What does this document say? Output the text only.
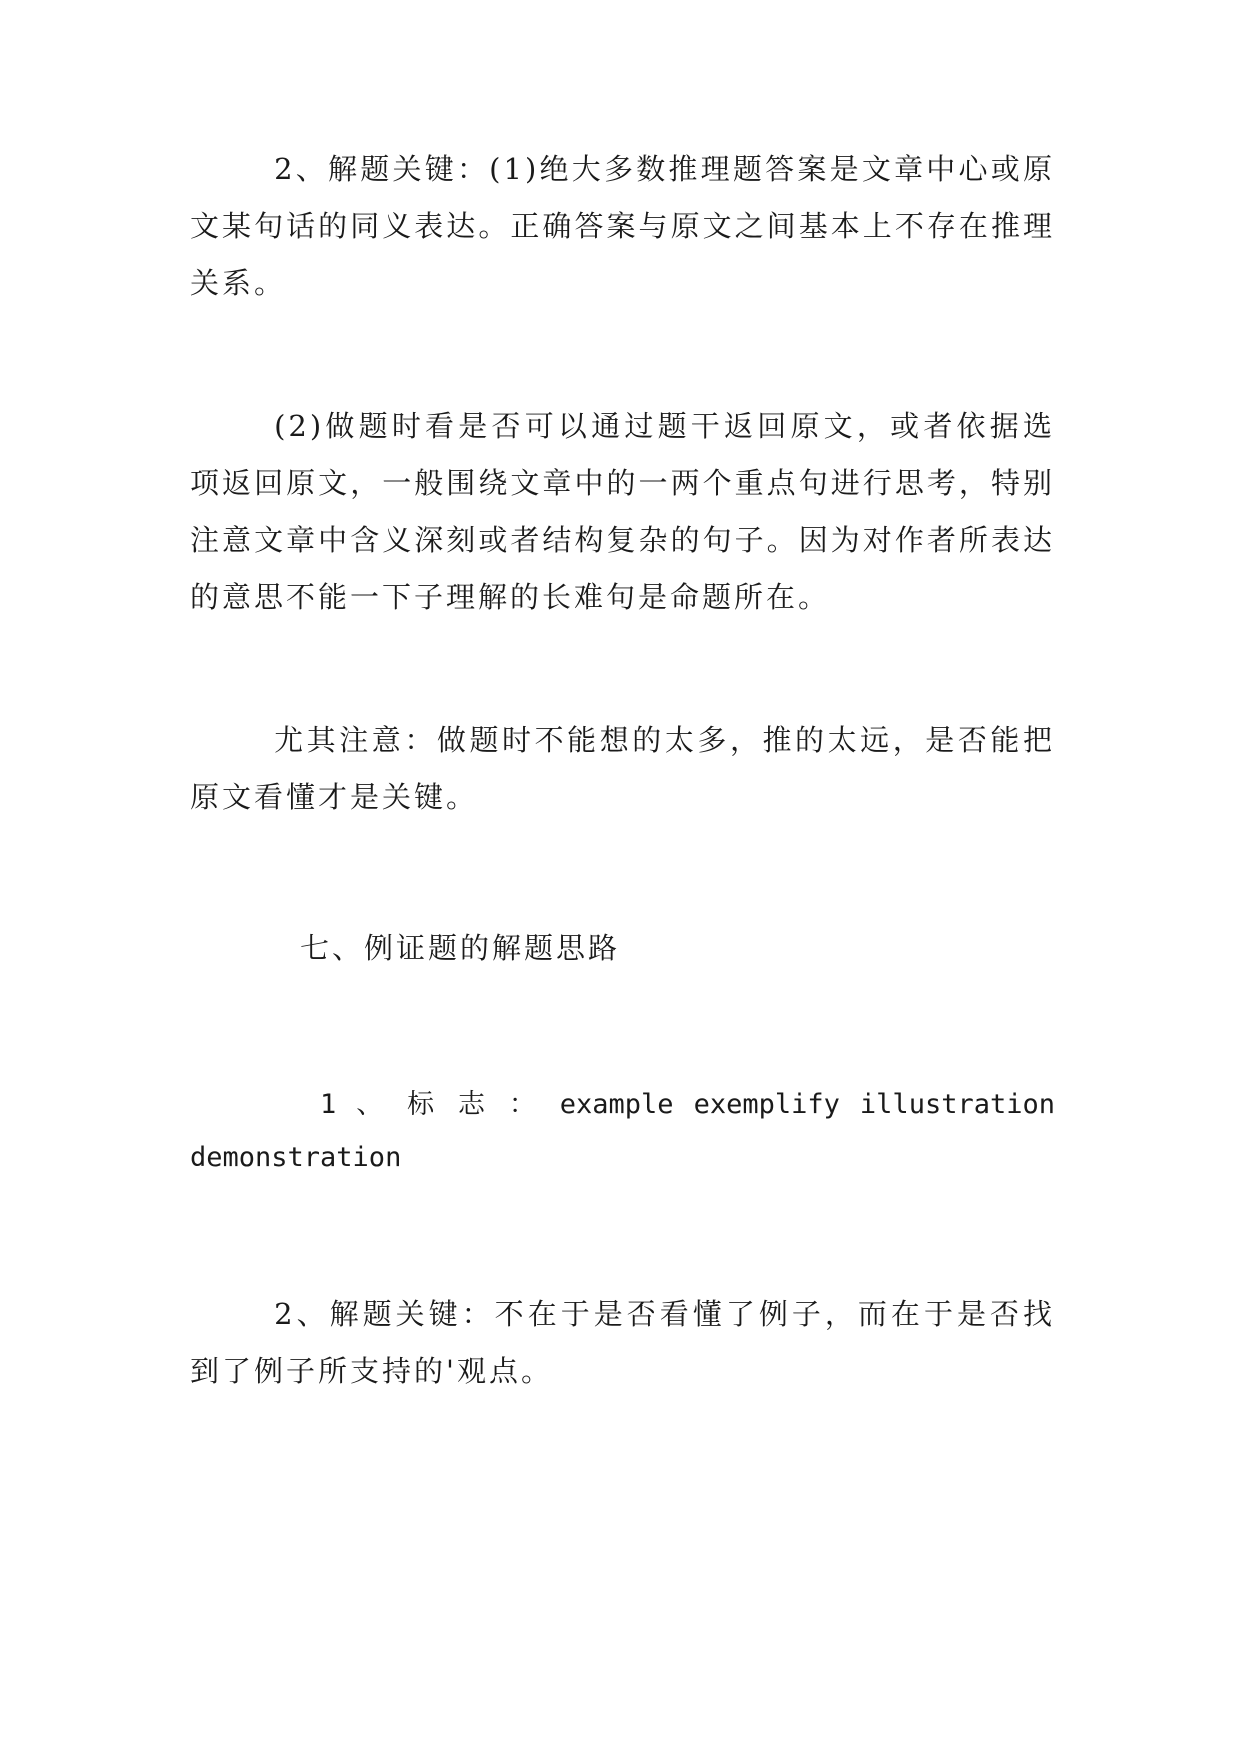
2、解题关键：(1)绝大多数推理题答案是文章中心或原文某句话的同义表达。正确答案与原文之间基本上不存在推理关系。

(2)做题时看是否可以通过题干返回原文，或者依据选项返回原文，一般围绕文章中的一两个重点句进行思考，特别注意文章中含义深刻或者结构复杂的句子。因为对作者所表达的意思不能一下子理解的长难句是命题所在。

尤其注意：做题时不能想的太多，推的太远，是否能把原文看懂才是关键。

七、例证题的解题思路

1 、 标 志 ： example exemplify illustration

demonstration

2、解题关键：不在于是否看懂了例子，而在于是否找到了例子所支持的'观点。
